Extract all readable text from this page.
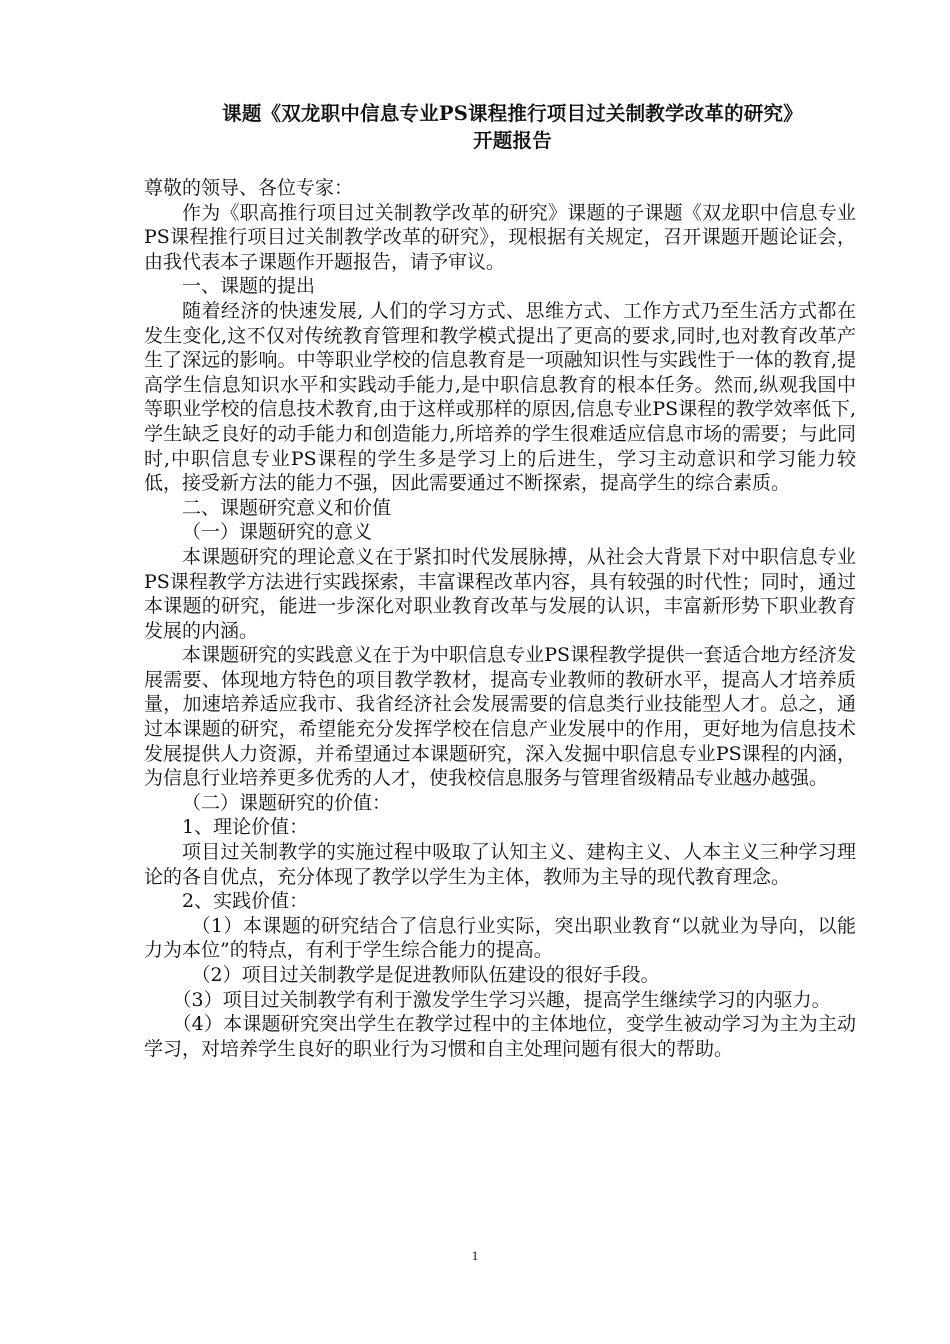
课题《双龙职中信息专业PS课程推行项目过关制教学改革的研究》
开题报告

尊敬的领导、各位专家：

作为《职高推行项目过关制教学改革的研究》课题的子课题《双龙职中信息专业PS课程推行项目过关制教学改革的研究》，现根据有关规定，召开课题开题论证会，由我代表本子课题作开题报告，请予审议。

一、课题的提出

随着经济的快速发展, 人们的学习方式、思维方式、工作方式乃至生活方式都在发生变化,这不仅对传统教育管理和教学模式提出了更高的要求,同时,也对教育改革产生了深远的影响。中等职业学校的信息教育是一项融知识性与实践性于一体的教育,提高学生信息知识水平和实践动手能力,是中职信息教育的根本任务。然而,纵观我国中等职业学校的信息技术教育,由于这样或那样的原因,信息专业PS课程的教学效率低下,学生缺乏良好的动手能力和创造能力,所培养的学生很难适应信息市场的需要；与此同时,中职信息专业PS课程的学生多是学习上的后进生，学习主动意识和学习能力较低，接受新方法的能力不强，因此需要通过不断探索，提高学生的综合素质。

二、课题研究意义和价值

（一）课题研究的意义

本课题研究的理论意义在于紧扣时代发展脉搏，从社会大背景下对中职信息专业PS课程教学方法进行实践探索，丰富课程改革内容，具有较强的时代性；同时，通过本课题的研究，能进一步深化对职业教育改革与发展的认识，丰富新形势下职业教育发展的内涵。

本课题研究的实践意义在于为中职信息专业PS课程教学提供一套适合地方经济发展需要、体现地方特色的项目教学教材，提高专业教师的教研水平，提高人才培养质量，加速培养适应我市、我省经济社会发展需要的信息类行业技能型人才。总之，通过本课题的研究，希望能充分发挥学校在信息产业发展中的作用，更好地为信息技术发展提供人力资源，并希望通过本课题研究，深入发掘中职信息专业PS课程的内涵，为信息行业培养更多优秀的人才，使我校信息服务与管理省级精品专业越办越强。

（二）课题研究的价值：

1、理论价值：

项目过关制教学的实施过程中吸取了认知主义、建构主义、人本主义三种学习理论的各自优点，充分体现了教学以学生为主体，教师为主导的现代教育理念。

2、实践价值：

（1）本课题的研究结合了信息行业实际，突出职业教育“以就业为导向，以能力为本位”的特点，有利于学生综合能力的提高。

（2）项目过关制教学是促进教师队伍建设的很好手段。

（3）项目过关制教学有利于激发学生学习兴趣，提高学生继续学习的内驱力。

（4）本课题研究突出学生在教学过程中的主体地位，变学生被动学习为主为主动学习，对培养学生良好的职业行为习惯和自主处理问题有很大的帮助。

1
